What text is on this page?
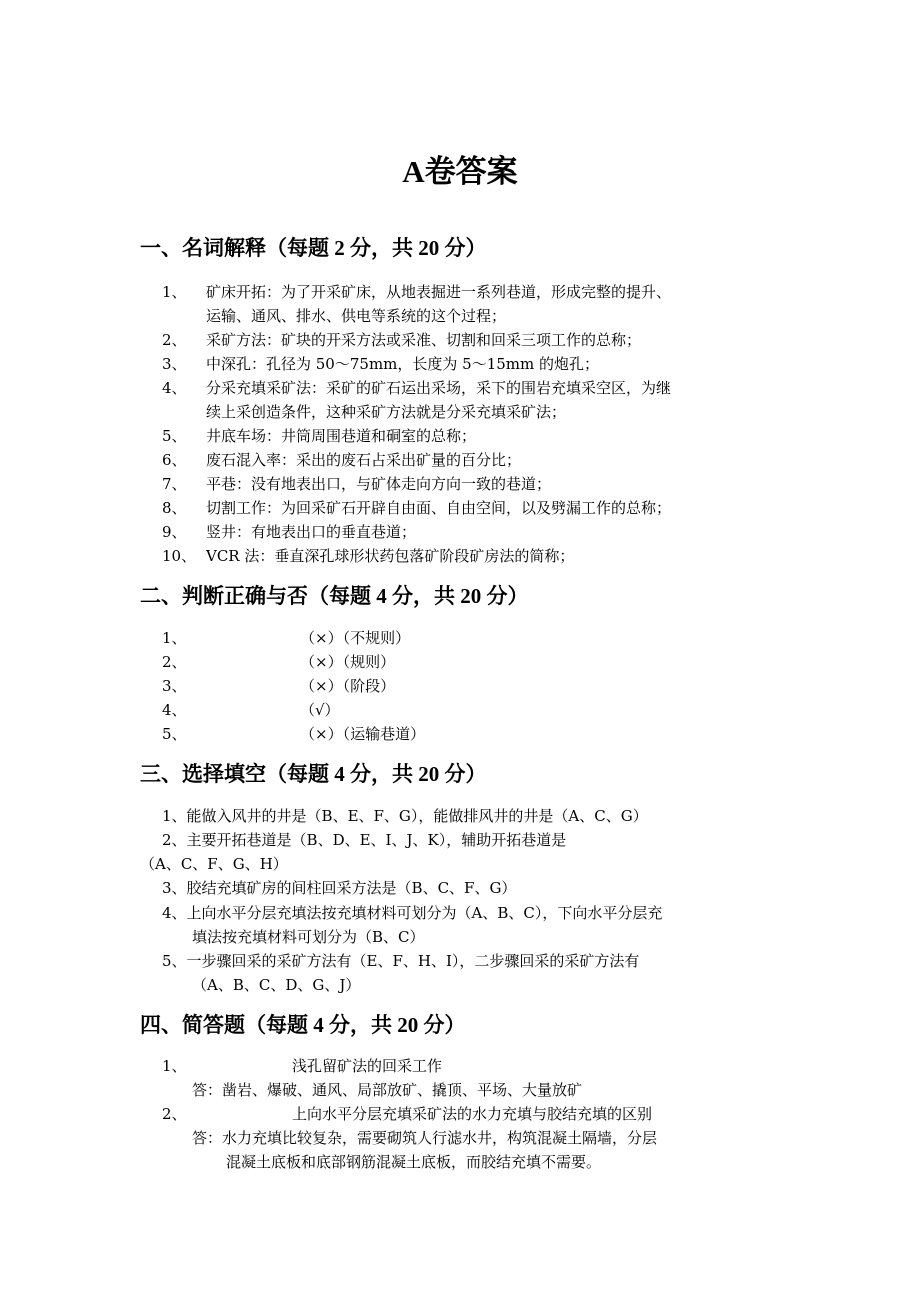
A卷答案
一、名词解释（每题 2 分，共 20 分）
1、 矿床开拓：为了开采矿床，从地表掘进一系列巷道，形成完整的提升、
运输、通风、排水、供电等系统的这个过程；
2、 采矿方法：矿块的开采方法或采准、切割和回采三项工作的总称；
3、 中深孔：孔径为 50～75mm，长度为 5～15mm 的炮孔；
4、 分采充填采矿法：采矿的矿石运出采场，采下的围岩充填采空区，为继
续上采创造条件，这种采矿方法就是分采充填采矿法；
5、 井底车场：井筒周围巷道和硐室的总称；
6、 废石混入率：采出的废石占采出矿量的百分比；
7、 平巷：没有地表出口，与矿体走向方向一致的巷道；
8、 切割工作：为回采矿石开辟自由面、自由空间，以及劈漏工作的总称；
9、 竖井：有地表出口的垂直巷道；
10、 VCR 法：垂直深孔球形状药包落矿阶段矿房法的简称；
二、判断正确与否（每题 4 分，共 20 分）
1、	（×）（不规则）
2、	（×）（规则）
3、	（×）（阶段）
4、	（√）
5、	（×）（运输巷道）
三、选择填空（每题 4 分，共 20 分）
1、能做入风井的井是（B、E、F、G），能做排风井的井是（A、C、G）
2、主要开拓巷道是（B、D、E、I、J、K），辅助开拓巷道是
（A、C、F、G、H）
3、胶结充填矿房的间柱回采方法是（B、C、F、G）
4、上向水平分层充填法按充填材料可划分为（A、B、C），下向水平分层充
填法按充填材料可划分为（B、C）
5、一步骤回采的采矿方法有（E、F、H、I），二步骤回采的采矿方法有
（A、B、C、D、G、J）
四、简答题（每题 4 分，共 20 分）
1、	浅孔留矿法的回采工作
答：凿岩、爆破、通风、局部放矿、撬顶、平场、大量放矿
2、	上向水平分层充填采矿法的水力充填与胶结充填的区别
答：水力充填比较复杂，需要砌筑人行滤水井，构筑混凝土隔墙，分层
混凝土底板和底部钢筋混凝土底板，而胶结充填不需要。
